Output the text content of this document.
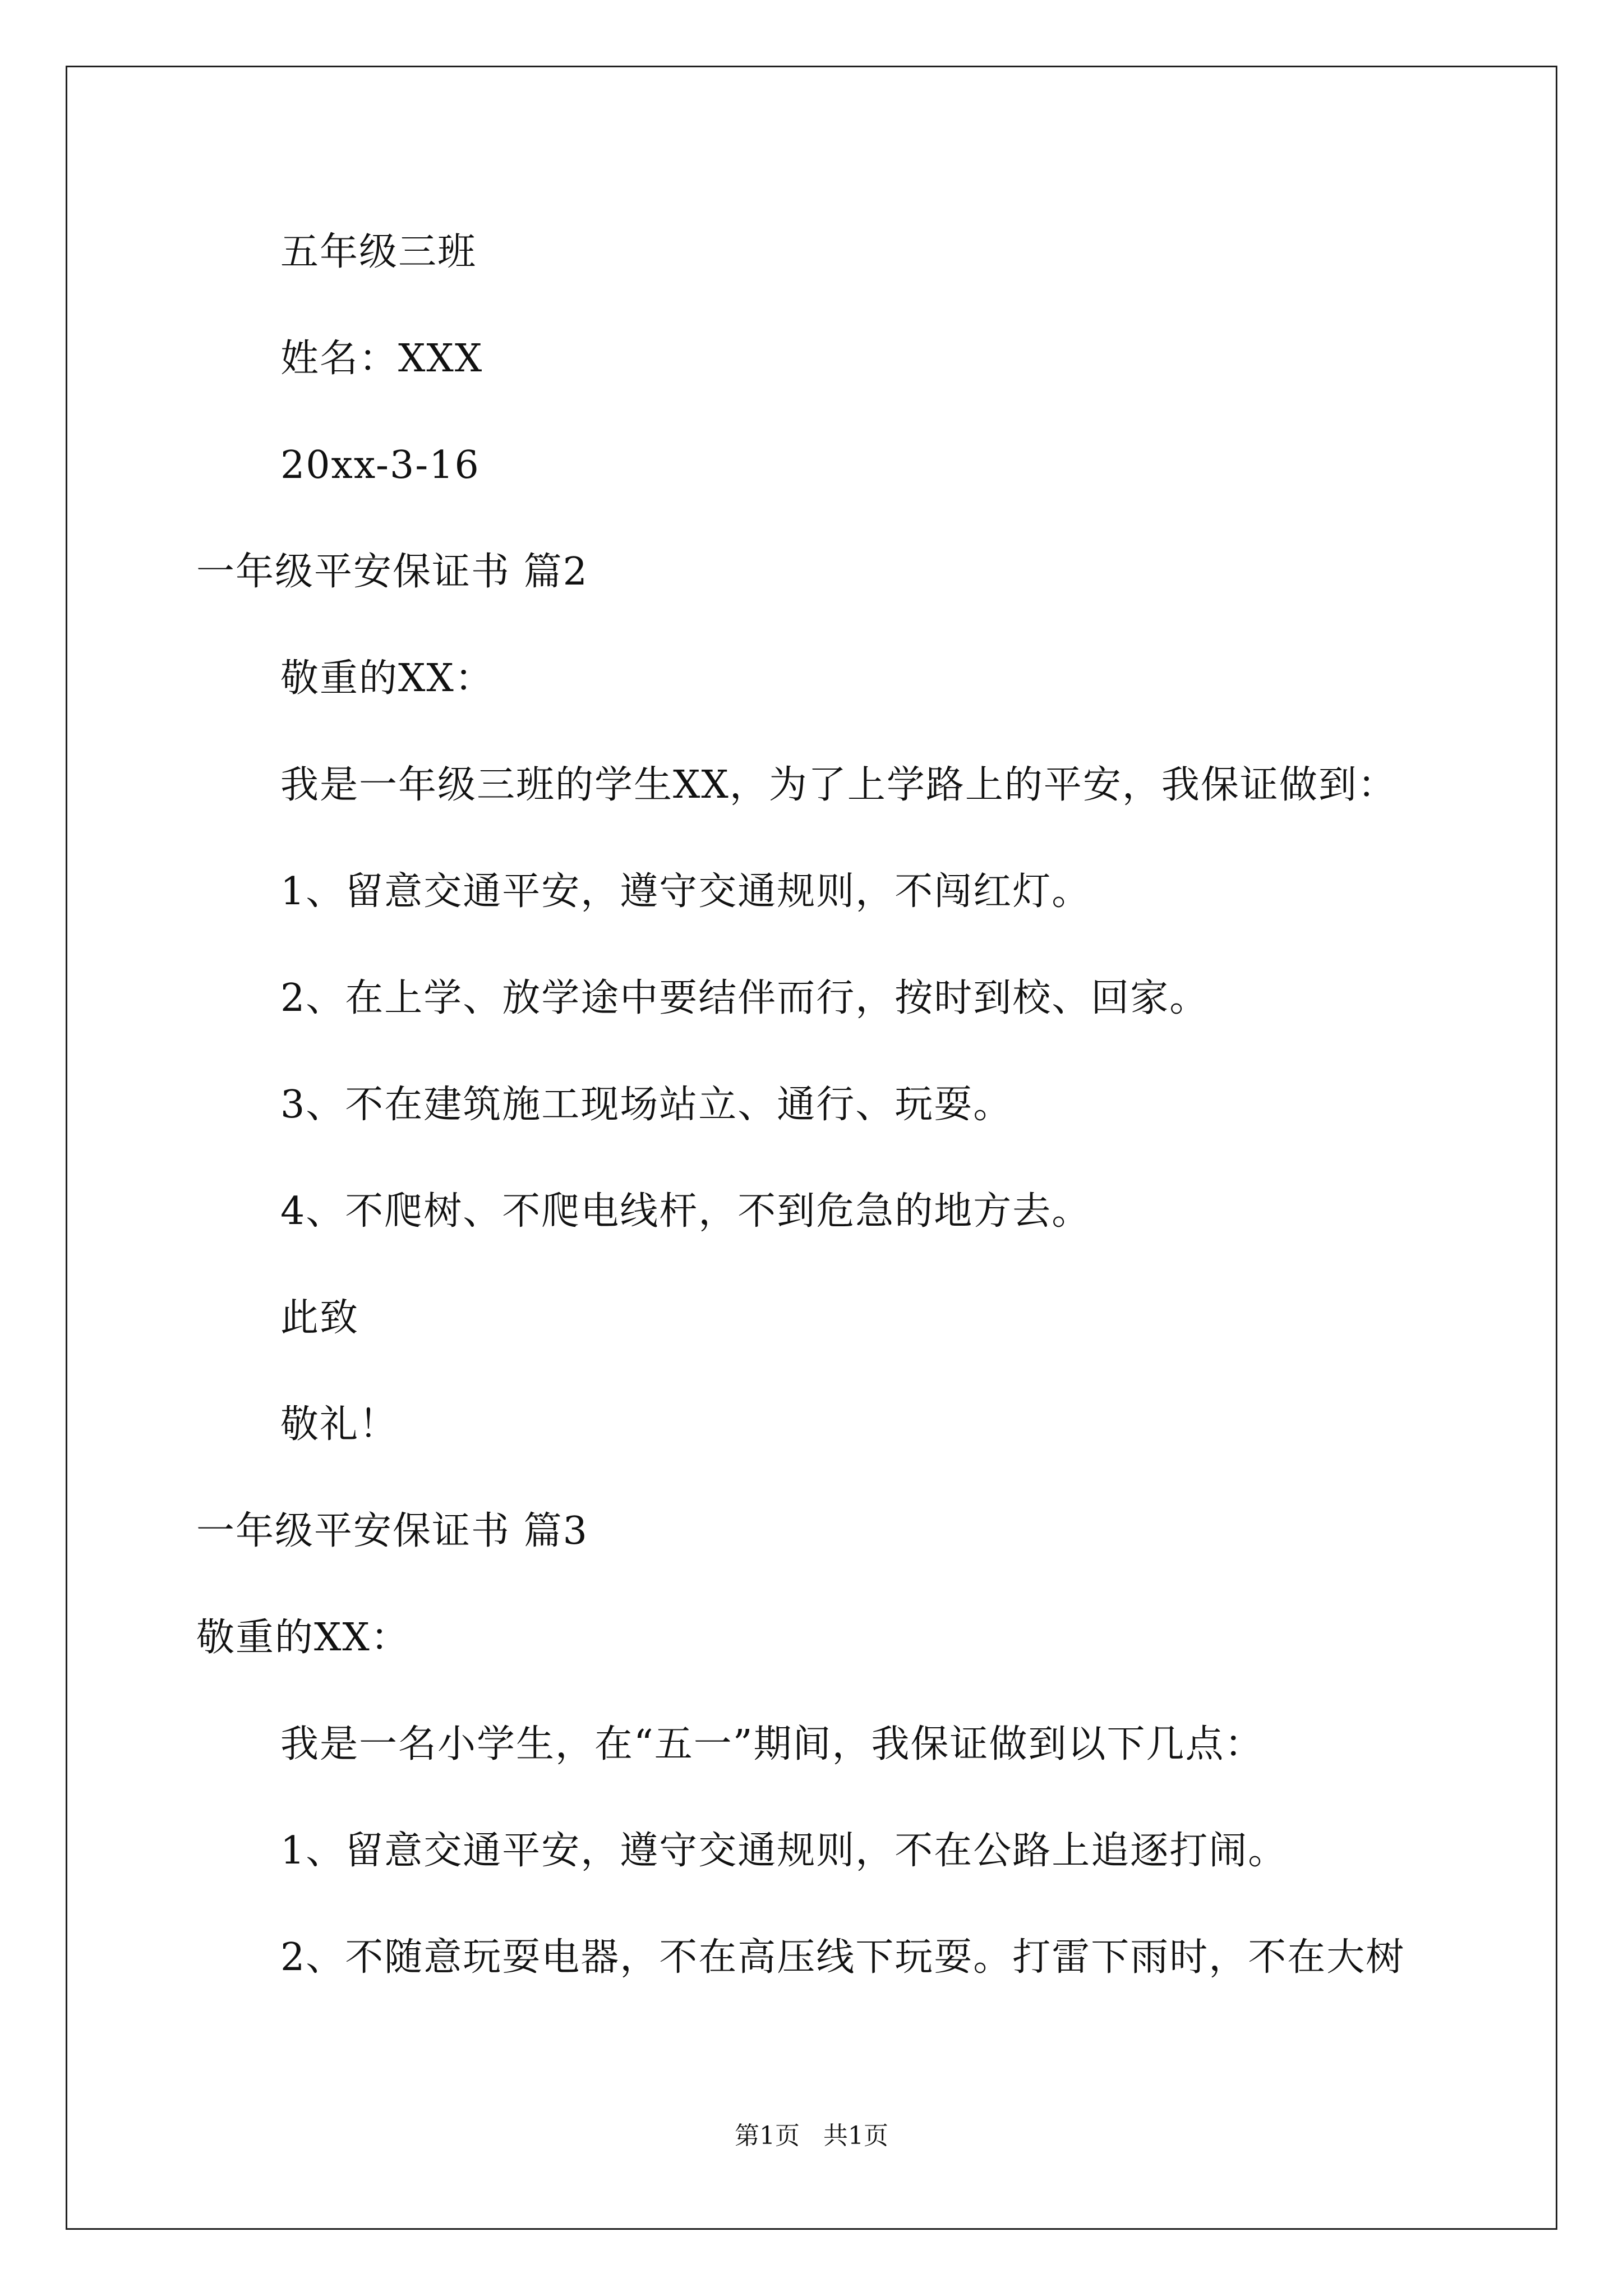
五年级三班
姓名：XXX
20xx-3-16
一年级平安保证书 篇2
敬重的XX：
我是一年级三班的学生XX，为了上学路上的平安，我保证做到：
1、留意交通平安，遵守交通规则，不闯红灯。
2、在上学、放学途中要结伴而行，按时到校、回家。
3、不在建筑施工现场站立、通行、玩耍。
4、不爬树、不爬电线杆，不到危急的地方去。
此致
敬礼！
一年级平安保证书 篇3
敬重的XX：
我是一名小学生，在“五一”期间，我保证做到以下几点：
1、留意交通平安，遵守交通规则，不在公路上追逐打闹。
2、不随意玩耍电器，不在高压线下玩耍。打雷下雨时，不在大树
第1页   共1页
